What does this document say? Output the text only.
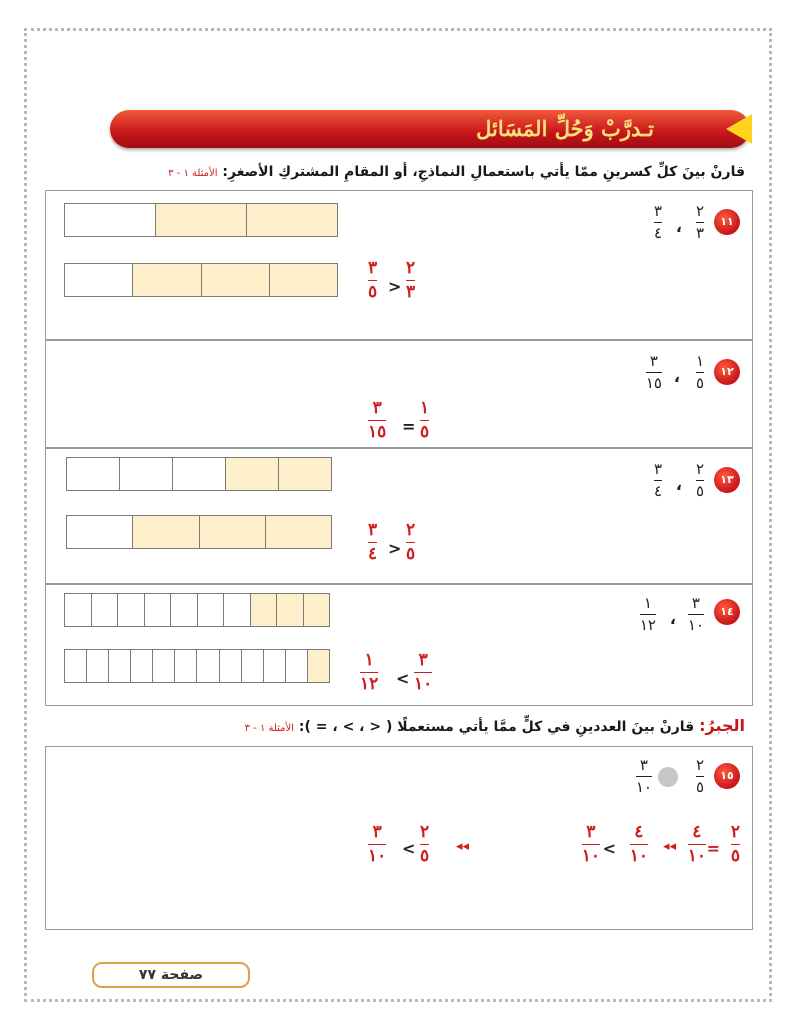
تـدرَّبْ وَحُلِّ المَسَائل
قارنْ بينَ كلِّ كسرينِ ممّا يأتي باستعمالِ النماذجِ، أو المقامِ المشتركِ الأصغرِ: الأمثلة ١ - ٣
١١
٢
٣
،
٣
٤
٣
٥ >
٢
٣
١٢
١
٥
،
٣
١٥
٣
١٥ =
١
٥
١٣
٢
٥
،
٣
٤
٣
٤ >
٢
٥
١٤
٣
١٠
،
١
١٢
١
١٢ <
٣
١٠
الجبرُ: قارنْ بينَ العددينِ في كلٍّ ممَّا يأتي مستعملًا ( < ، > ، = ): الأمثلة ١ - ٣
١٥
٢
٥
٣
١٠
٢
٥
=
٤
١٠
◂◂
٤
١٠
<
٣
١٠
◂◂
٢
٥
<
٣
١٠
صفحة ٧٧
